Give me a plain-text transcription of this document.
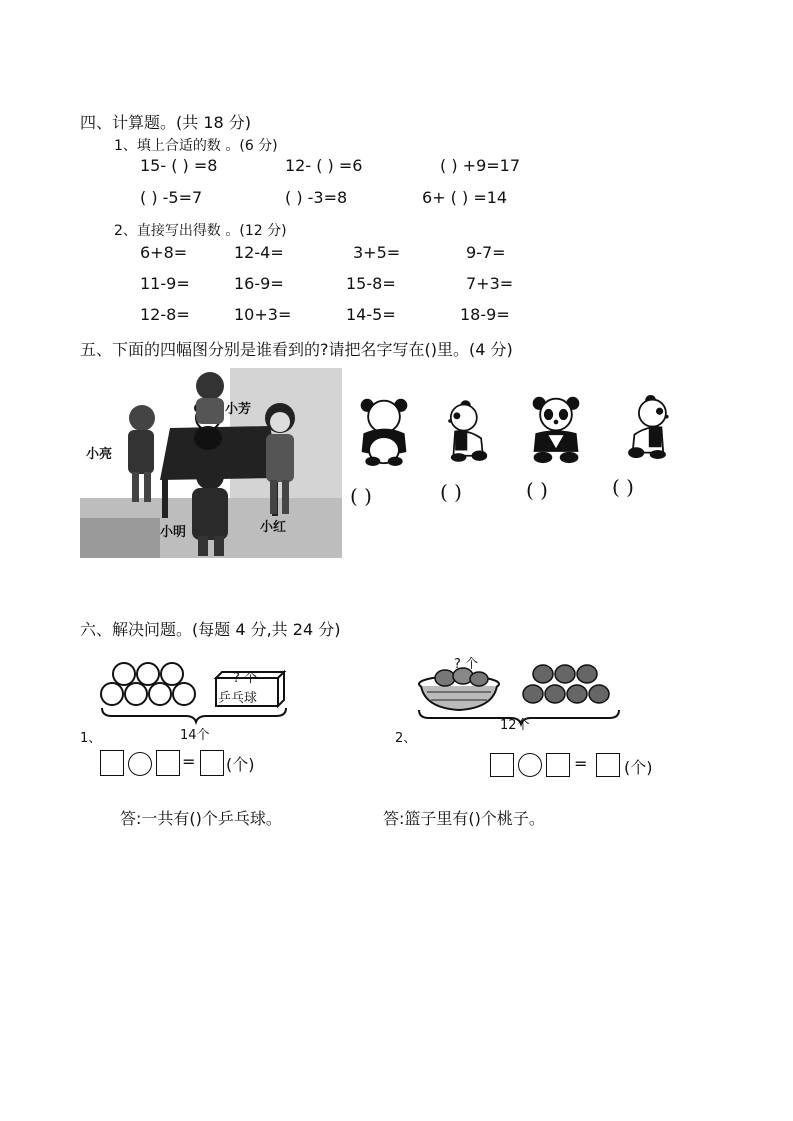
四、计算题。(共 18 分)
1、填上合适的数 。(6 分)
15- ( ) =8	12- ( ) =6	( ) +9=17
( ) -5=7	( ) -3=8	6+ ( ) =14
2、直接写出得数 。(12 分)
6+8=	12-4=	3+5=	9-7=
11-9=	16-9=	15-8=	7+3=
12-8=	10+3=	14-5=	18-9=
五、下面的四幅图分别是谁看到的?请把名字写在()里。(4 分)
小芳
小亮
小明	小红
( )	( )	( )	( )
六、解决问题。(每题 4 分,共 24 分)
? 个
乒乓球
14个
1、
= (个)
? 个
12个
2、
= (个)
答:一共有()个乒乓球。	答:篮子里有()个桃子。
